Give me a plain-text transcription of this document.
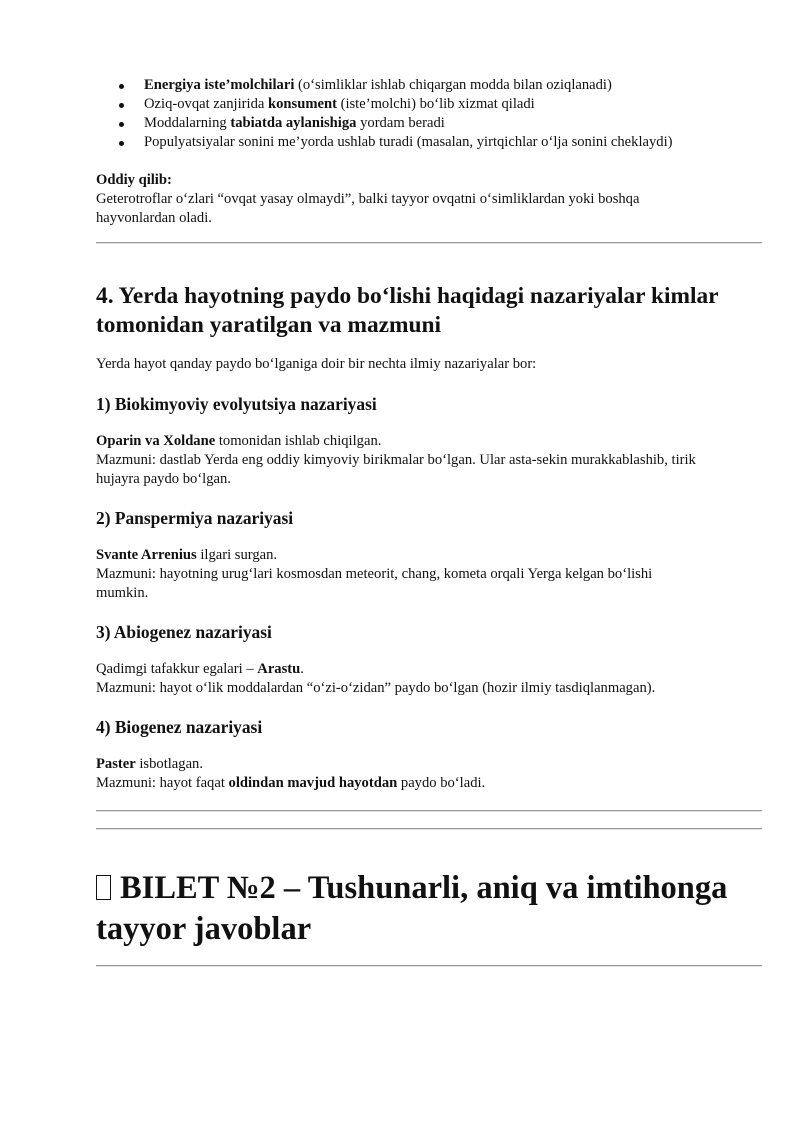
Energiya iste’molchilari (o‘simliklar ishlab chiqargan modda bilan oziqlanadi)
Oziq-ovqat zanjirida konsument (iste’molchi) bo‘lib xizmat qiladi
Moddalarning tabiatda aylanishiga yordam beradi
Populyatsiyalar sonini me’yorda ushlab turadi (masalan, yirtqichlar o‘lja sonini cheklaydi)
Oddiy qilib:
Geterotroflar o‘zlari “ovqat yasay olmaydi”, balki tayyor ovqatni o‘simliklardan yoki boshqa
hayvonlardan oladi.
4. Yerda hayotning paydo bo‘lishi haqidagi nazariyalar kimlar
tomonidan yaratilgan va mazmuni
Yerda hayot qanday paydo bo‘lganiga doir bir nechta ilmiy nazariyalar bor:
1) Biokimyoviy evolyutsiya nazariyasi
Oparin va Xoldane tomonidan ishlab chiqilgan.
Mazmuni: dastlab Yerda eng oddiy kimyoviy birikmalar bo‘lgan. Ular asta-sekin murakkablashib, tirik
hujayra paydo bo‘lgan.
2) Panspermiya nazariyasi
Svante Arrenius ilgari surgan.
Mazmuni: hayotning urug‘lari kosmosdan meteorit, chang, kometa orqali Yerga kelgan bo‘lishi
mumkin.
3) Abiogenez nazariyasi
Qadimgi tafakkur egalari – Arastu.
Mazmuni: hayot o‘lik moddalardan “o‘zi-o‘zidan” paydo bo‘lgan (hozir ilmiy tasdiqlanmagan).
4) Biogenez nazariyasi
Paster isbotlagan.
Mazmuni: hayot faqat oldindan mavjud hayotdan paydo bo‘ladi.
BILET №2 – Tushunarli, aniq va imtihonga
tayyor javoblar
